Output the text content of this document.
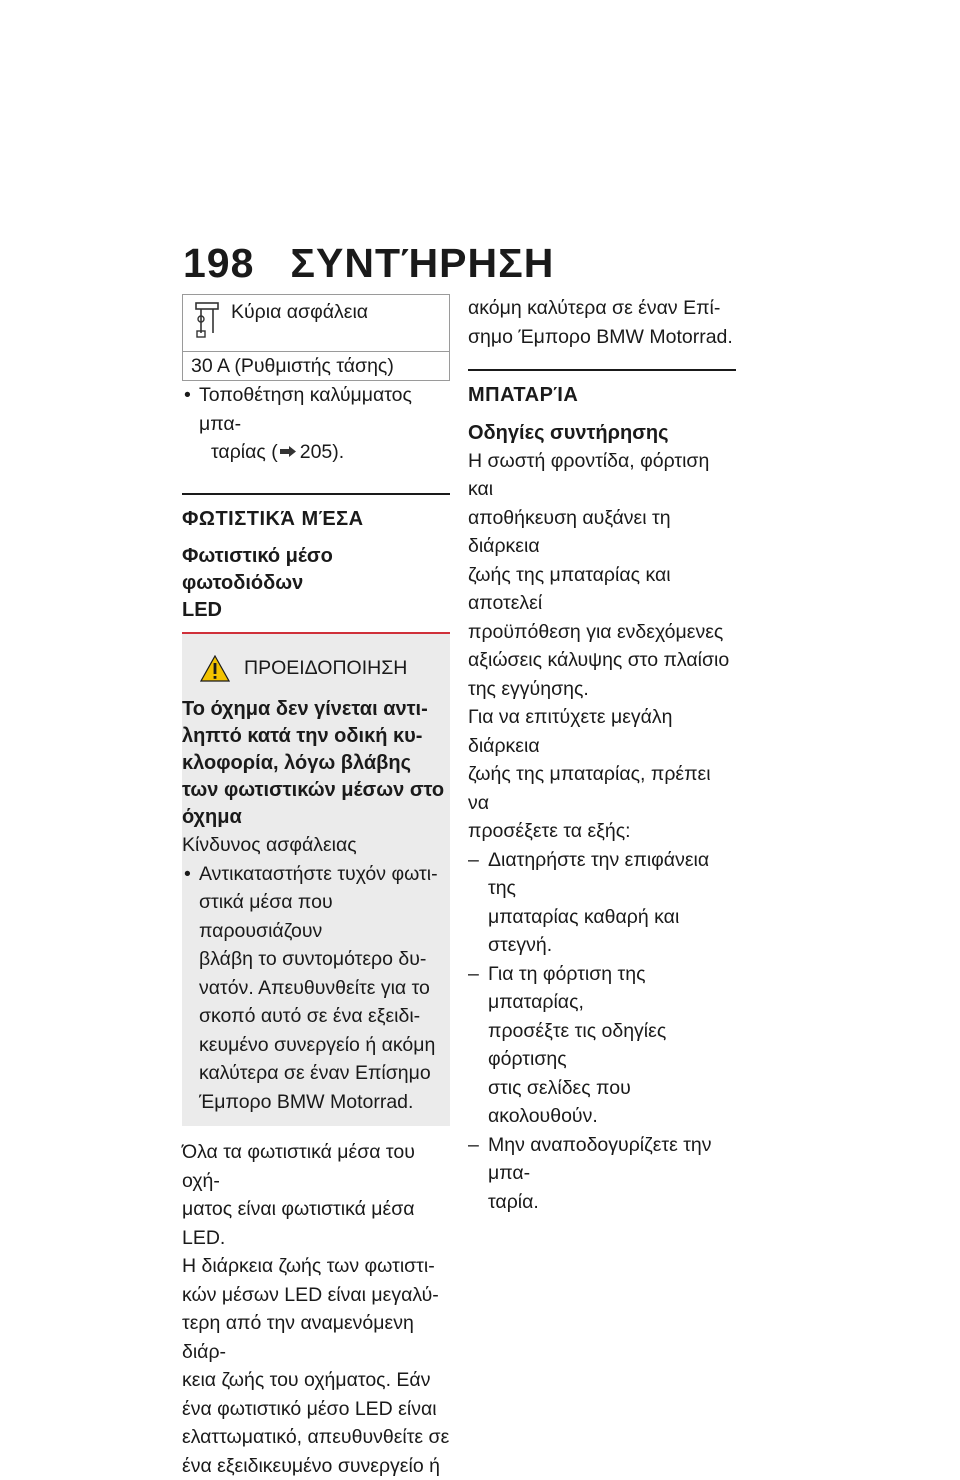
198 ΣΥΝΤΉΡΗΣΗ
Κύρια ασφάλεια
30 A (Ρυθμιστής τάσης)
• Τοποθέτηση καλύμματος μπα-
ταρίας ( 205).
ΦΩΤΙΣΤΙΚΆ ΜΈΣΑ
Φωτιστικό μέσο φωτοδιόδων
LED
ΠΡΟΕΙΔΟΠΟΙΗΣΗ
Το όχημα δεν γίνεται αντι-
ληπτό κατά την οδική κυ-
κλοφορία, λόγω βλάβης
των φωτιστικών μέσων στο
όχημα
Κίνδυνος ασφάλειας
• Αντικαταστήστε τυχόν φωτι-
στικά μέσα που παρουσιάζουν
βλάβη το συντομότερο δυ-
νατόν. Απευθυνθείτε για το
σκοπό αυτό σε ένα εξειδι-
κευμένο συνεργείο ή ακόμη
καλύτερα σε έναν Επίσημο
Έμπορο BMW Motorrad.
Όλα τα φωτιστικά μέσα του οχή-
ματος είναι φωτιστικά μέσα LED.
Η διάρκεια ζωής των φωτιστι-
κών μέσων LED είναι μεγαλύ-
τερη από την αναμενόμενη διάρ-
κεια ζωής του οχήματος. Εάν
ένα φωτιστικό μέσο LED είναι
ελαττωματικό, απευθυνθείτε σε
ένα εξειδικευμένο συνεργείο ή
ακόμη καλύτερα σε έναν Επί-
σημο Έμπορο BMW Motorrad.
ΜΠΑΤΑΡΊΑ
Οδηγίες συντήρησης
Η σωστή φροντίδα, φόρτιση και
αποθήκευση αυξάνει τη διάρκεια
ζωής της μπαταρίας και αποτελεί
προϋπόθεση για ενδεχόμενες
αξιώσεις κάλυψης στο πλαίσιο
της εγγύησης.
Για να επιτύχετε μεγάλη διάρκεια
ζωής της μπαταρίας, πρέπει να
προσέξετε τα εξής:
– Διατηρήστε την επιφάνεια της
μπαταρίας καθαρή και στεγνή.
– Για τη φόρτιση της μπαταρίας,
προσέξτε τις οδηγίες φόρτισης
στις σελίδες που ακολουθούν.
– Μην αναποδογυρίζετε την μπα-
ταρία.
